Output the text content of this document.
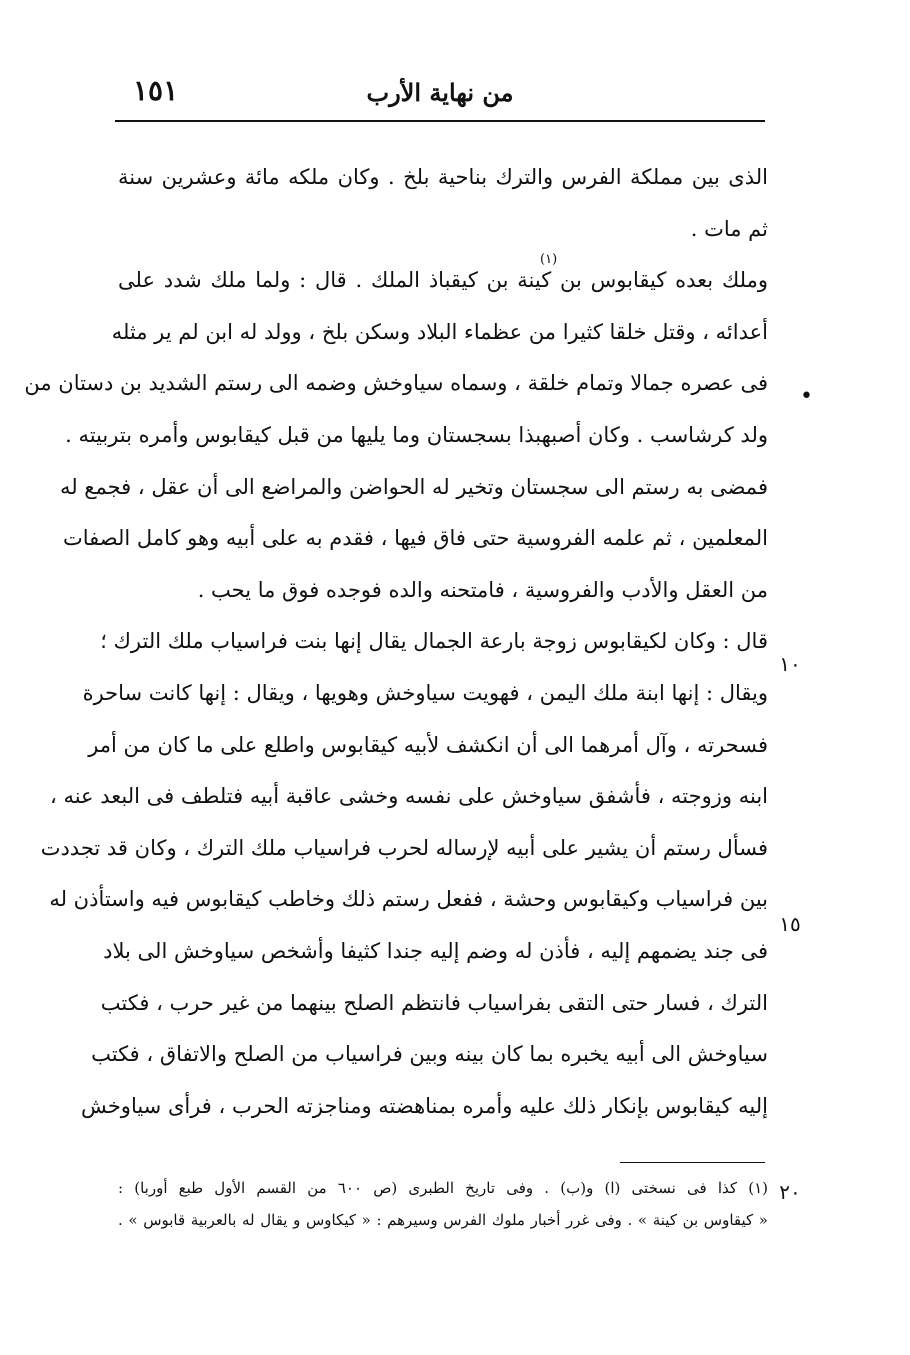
١٥١	من نهاية الأرب
(١)
الذى بين مملكة الفرس والترك بناحية بلخ . وكان ملكه مائة وعشرين سنة
ثم مات .
وملك بعده كيقابوس بن كينة بن كيقباذ الملك . قال : ولما ملك شدد على
أعدائه ، وقتل خلقا كثيرا من عظماء البلاد وسكن بلخ ، وولد له ابن لم ير مثله
فى عصره جمالا وتمام خلقة ، وسماه سياوخش وضمه الى رستم الشديد بن دستان من
ولد كرشاسب . وكان أصبهبذا بسجستان وما يليها من قبل كيقابوس وأمره بتربيته .
فمضى به رستم الى سجستان وتخير له الحواضن والمراضع الى أن عقل ، فجمع له
المعلمين ، ثم علمه الفروسية حتى فاق فيها ، فقدم به على أبيه وهو كامل الصفات
من العقل والأدب والفروسية ، فامتحنه والده فوجده فوق ما يحب .
قال : وكان لكيقابوس زوجة بارعة الجمال يقال إنها بنت فراسياب ملك الترك ؛
ويقال : إنها ابنة ملك اليمن ، فهويت سياوخش وهويها ، ويقال : إنها كانت ساحرة
فسحرته ، وآل أمرهما الى أن انكشف لأبيه كيقابوس واطلع على ما كان من أمر
ابنه وزوجته ، فأشفق سياوخش على نفسه وخشى عاقبة أبيه فتلطف فى البعد عنه ،
فسأل رستم أن يشير على أبيه لإرساله لحرب فراسياب ملك الترك ، وكان قد تجددت
بين فراسياب وكيقابوس وحشة ، ففعل رستم ذلك وخاطب كيقابوس فيه واستأذن له
فى جند يضمهم إليه ، فأذن له وضم إليه جندا كثيفا وأشخص سياوخش الى بلاد
الترك ، فسار حتى التقى بفراسياب فانتظم الصلح بينهما من غير حرب ، فكتب
سياوخش الى أبيه يخبره بما كان بينه وبين فراسياب من الصلح والاتفاق ، فكتب
إليه كيقابوس بإنكار ذلك عليه وأمره بمناهضته ومناجزته الحرب ، فرأى سياوخش
•
١٠
١٥
٢٠
(١) كذا فى نسختى (ا) و(ب) . وفى تاريخ الطبرى (ص ٦٠٠ من القسم الأول طبع أوربا) :
« كيقاوس بن كينة » . وفى غرر أخبار ملوك الفرس وسيرهم : « كيكاوس و يقال له بالعربية قابوس » .
